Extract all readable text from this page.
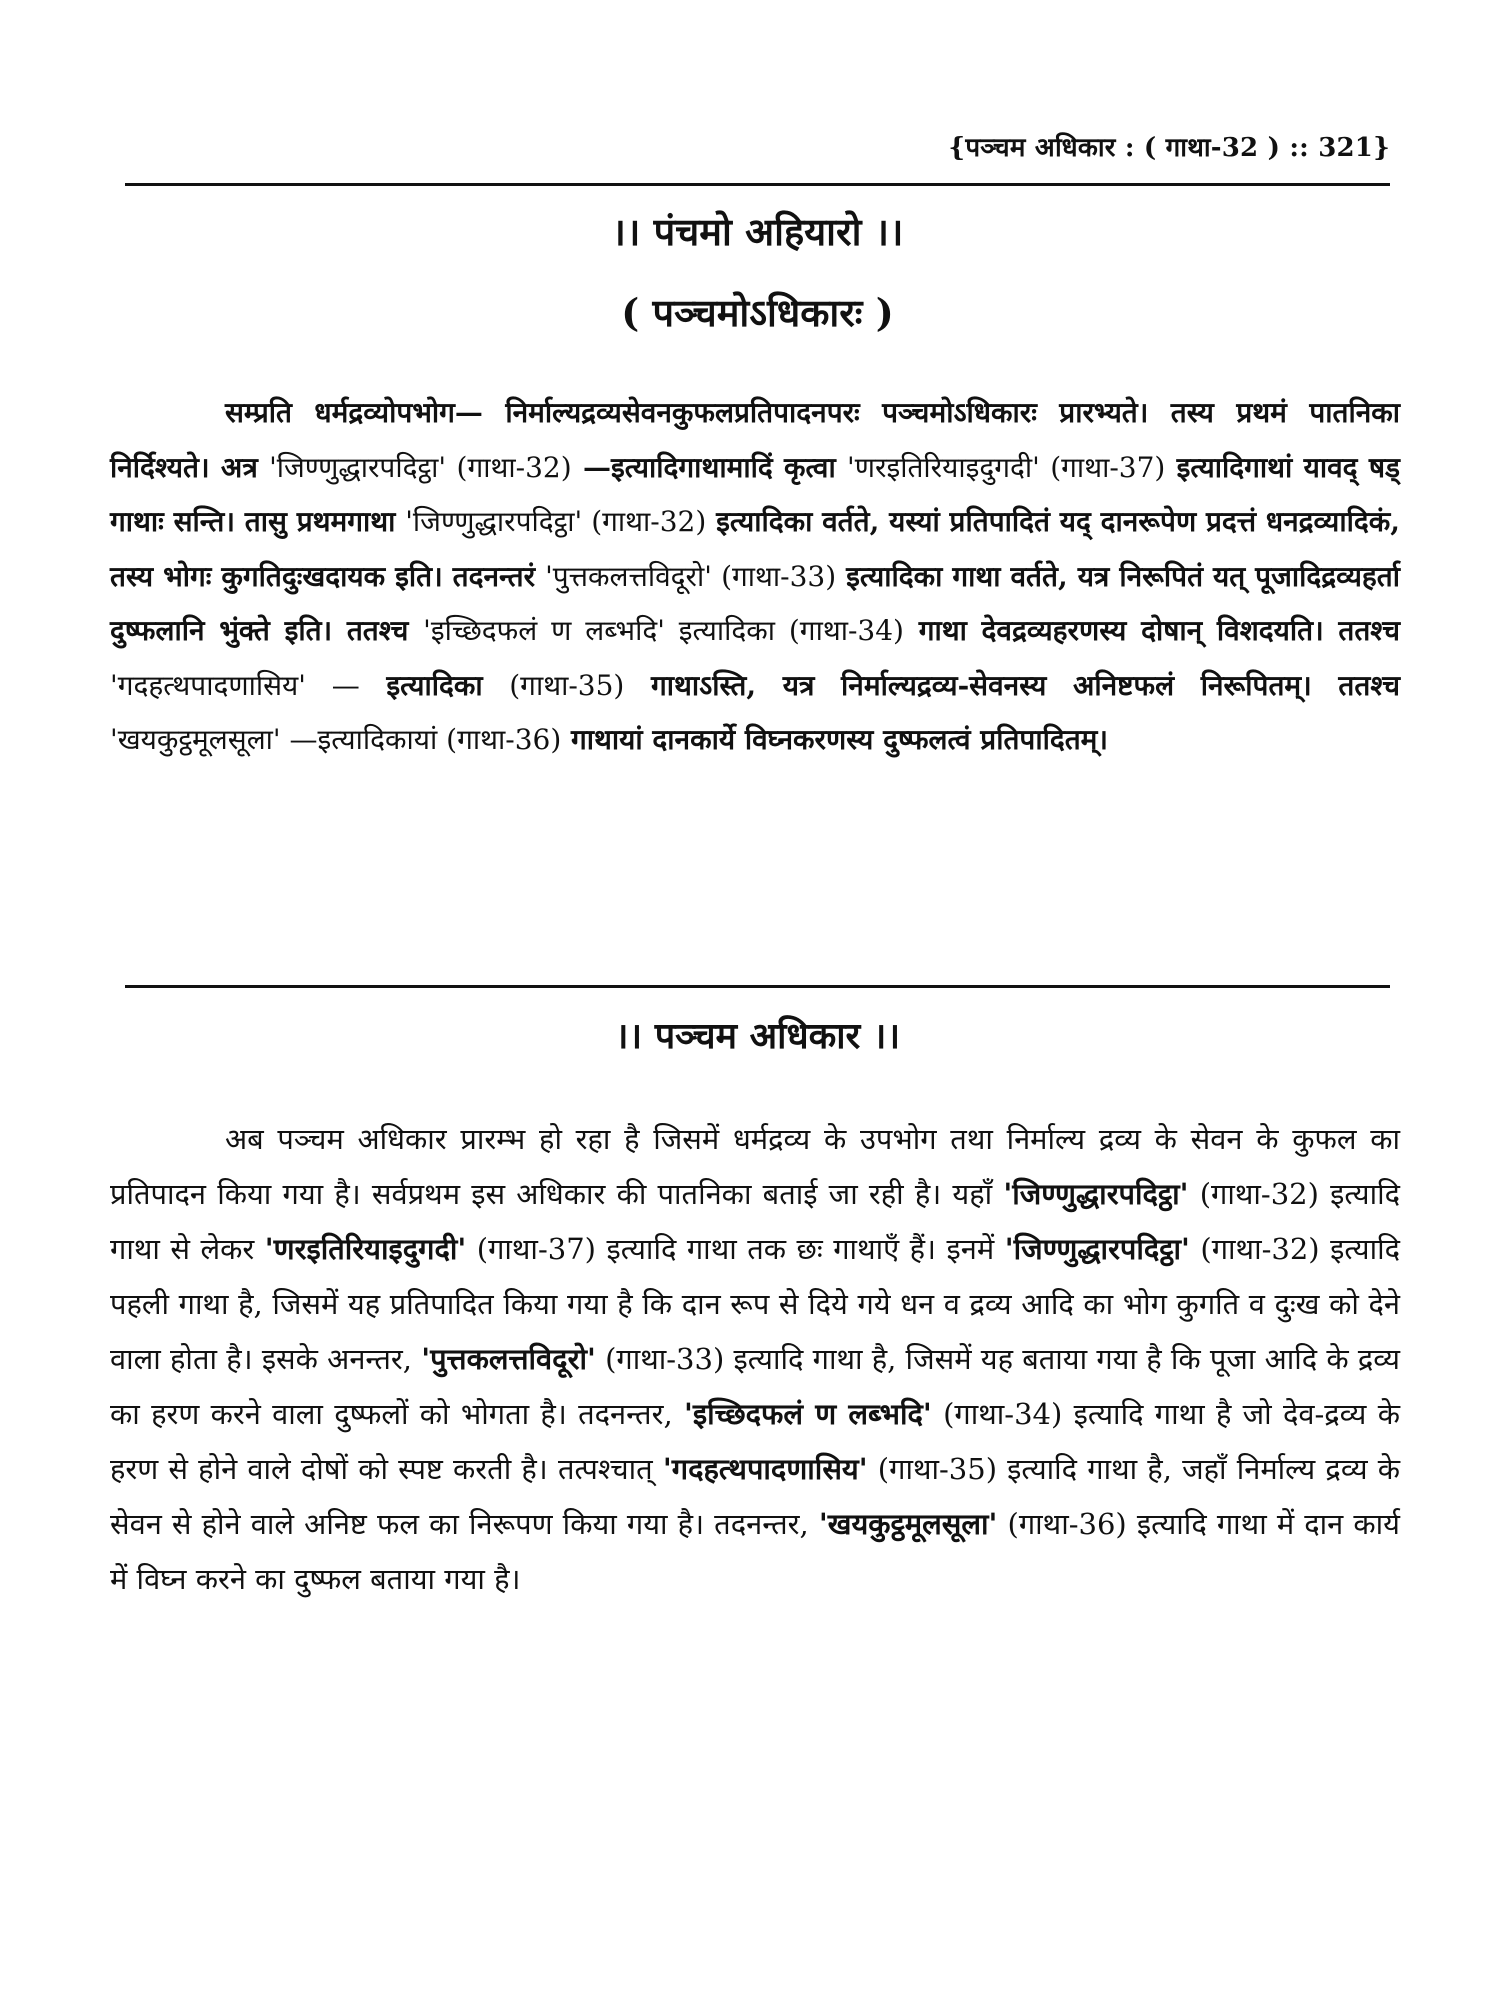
{पञ्चम अधिकार : ( गाथा-32 ) :: 321}
।। पंचमो अहियारो ।।
( पञ्चमोऽधिकारः )

सम्प्रति धर्मद्रव्योपभोग— निर्माल्यद्रव्यसेवनकुफलप्रतिपादनपरः पञ्चमोऽधिकारः प्रारभ्यते। तस्य प्रथमं पातनिका निर्दिश्यते। अत्र 'जिण्णुद्धारपदिट्ठा' (गाथा-32) —इत्यादिगाथामादिं कृत्वा 'णरइतिरियाइदुगदी' (गाथा-37) इत्यादिगाथां यावद् षड् गाथाः सन्ति। तासु प्रथमगाथा 'जिण्णुद्धारपदिट्ठा' (गाथा-32) इत्यादिका वर्तते, यस्यां प्रतिपादितं यद् दानरूपेण प्रदत्तं धनद्रव्यादिकं, तस्य भोगः कुगतिदुःखदायक इति। तदनन्तरं 'पुत्तकलत्तविदूरो' (गाथा-33) इत्यादिका गाथा वर्तते, यत्र निरूपितं यत् पूजादिद्रव्यहर्ता दुष्फलानि भुंक्ते इति। ततश्च 'इच्छिदफलं ण लब्भदि' इत्यादिका (गाथा-34) गाथा देवद्रव्यहरणस्य दोषान् विशदयति। ततश्च 'गदहत्थपादणासिय' — इत्यादिका (गाथा-35) गाथाऽस्ति, यत्र निर्माल्यद्रव्य-सेवनस्य अनिष्टफलं निरूपितम्। ततश्च 'खयकुट्ठमूलसूला' —इत्यादिकायां (गाथा-36) गाथायां दानकार्ये विघ्नकरणस्य दुष्फलत्वं प्रतिपादितम्।

।। पञ्चम अधिकार ।।

अब पञ्चम अधिकार प्रारम्भ हो रहा है जिसमें धर्मद्रव्य के उपभोग तथा निर्माल्य द्रव्य के सेवन के कुफल का प्रतिपादन किया गया है। सर्वप्रथम इस अधिकार की पातनिका बताई जा रही है। यहाँ 'जिण्णुद्धारपदिट्ठा' (गाथा-32) इत्यादि गाथा से लेकर 'णरइतिरियाइदुगदी' (गाथा-37) इत्यादि गाथा तक छः गाथाएँ हैं। इनमें 'जिण्णुद्धारपदिट्ठा' (गाथा-32) इत्यादि पहली गाथा है, जिसमें यह प्रतिपादित किया गया है कि दान रूप से दिये गये धन व द्रव्य आदि का भोग कुगति व दुःख को देने वाला होता है। इसके अनन्तर, 'पुत्तकलत्तविदूरो' (गाथा-33) इत्यादि गाथा है, जिसमें यह बताया गया है कि पूजा आदि के द्रव्य का हरण करने वाला दुष्फलों को भोगता है। तदनन्तर, 'इच्छिदफलं ण लब्भदि' (गाथा-34) इत्यादि गाथा है जो देव-द्रव्य के हरण से होने वाले दोषों को स्पष्ट करती है। तत्पश्चात् 'गदहत्थपादणासिय' (गाथा-35) इत्यादि गाथा है, जहाँ निर्माल्य द्रव्य के सेवन से होने वाले अनिष्ट फल का निरूपण किया गया है। तदनन्तर, 'खयकुट्ठमूलसूला' (गाथा-36) इत्यादि गाथा में दान कार्य में विघ्न करने का दुष्फल बताया गया है।
